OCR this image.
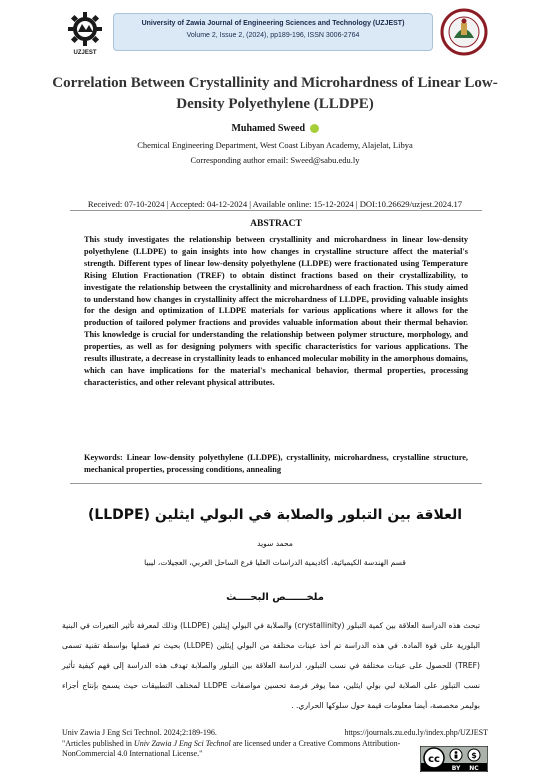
UZJEST
University of Zawia Journal of Engineering Sciences and Technology (UZJEST)
Volume 2, Issue 2, (2024), pp189-196, ISSN 3006-2764
Correlation Between Crystallinity and Microhardness of Linear Low-Density Polyethylene (LLDPE)
Muhamed Sweed
Chemical Engineering Department, West Coast Libyan Academy, Alajelat, Libya
Corresponding author email: Sweed@sabu.edu.ly
Received: 07-10-2024 | Accepted: 04-12-2024 | Available online: 15-12-2024 | DOI:10.26629/uzjest.2024.17
ABSTRACT
This study investigates the relationship between crystallinity and microhardness in linear low-density polyethylene (LLDPE) to gain insights into how changes in crystalline structure affect the material's strength. Different types of linear low-density polyethylene (LLDPE) were fractionated using Temperature Rising Elution Fractionation (TREF) to obtain distinct fractions based on their crystallizability, to investigate the relationship between the crystallinity and microhardness of each fraction. This study aimed to understand how changes in crystallinity affect the microhardness of LLDPE, providing valuable insights for the design and optimization of LLDPE materials for various applications where it allows for the production of tailored polymer fractions and provides valuable information about their thermal behavior. This knowledge is crucial for understanding the relationship between polymer structure, morphology, and properties, as well as for designing polymers with specific characteristics for various applications. The results illustrate, a decrease in crystallinity leads to enhanced molecular mobility in the amorphous domains, which can have implications for the material's mechanical behavior, thermal properties, processing characteristics, and other relevant physical attributes.
Keywords: Linear low-density polyethylene (LLDPE), crystallinity, microhardness, crystalline structure, mechanical properties, processing conditions, annealing
العلاقة بين التبلور والصلابة في البولي ايثلين (LLDPE)
محمد سويد
قسم الهندسة الكيميائية، أكاديمية الدراسات العليا فرع الساحل الغربي، العجيلات، ليبيا
ملخــــــص البحــــث
تبحث هذه الدراسة العلاقة بين كمية التبلور (crystallinity) والصلابة في البولي إيثلين (LLDPE) وذلك لمعرفة تأثير التغيرات في البنية البلورية على قوة المادة. في هذه الدراسة تم أخذ عينات مختلفة من البولي إيثلين (LLDPE) بحيث تم فصلها بواسطة تقنية تسمى (TREF) للحصول على عينات مختلفة في نسب التبلور، لدراسة العلاقة بين التبلور والصلابة تهدف هذه الدراسة إلى فهم كيفية تأثير نسب التبلور على الصلابة لبي بولي ايثلين، مما يوفر فرصة تحسين مواصفات LLDPE لمختلف التطبيقات حيث يسمح بإنتاج أجزاء بوليمر مخصصة، أيضا معلومات قيمة حول سلوكها الحراري. .
Univ Zawia J Eng Sci Technol. 2024;2:189-196.	https://journals.zu.edu.ly/index.php/UZJEST
"Articles published in Univ Zawia J Eng Sci Technol are licensed under a Creative Commons Attribution-NonCommercial 4.0 International License."
cc	$
BY NC
